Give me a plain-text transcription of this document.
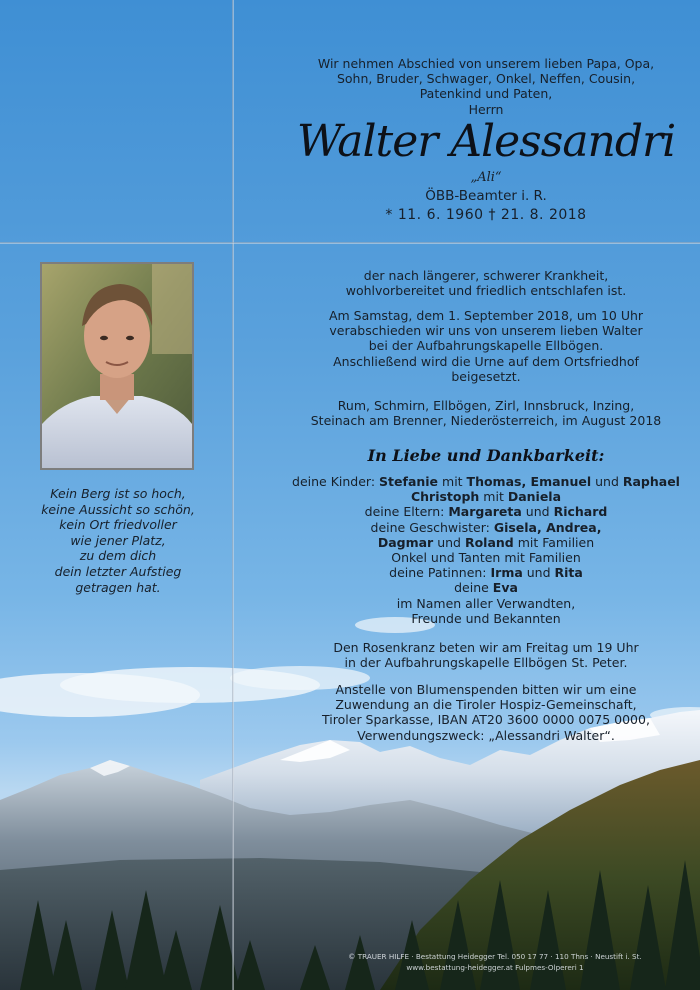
Wir nehmen Abschied von unserem lieben Papa, Opa,

Sohn, Bruder, Schwager, Onkel, Neffen, Cousin,

Patenkind und Paten,

Herrn

Walter Alessandri
„Ali“
ÖBB-Beamter i. R.
* 11. 6. 1960 † 21. 8. 2018

Kein Berg ist so hoch,

keine Aussicht so schön,

kein Ort friedvoller

wie jener Platz,

zu dem dich

dein letzter Aufstieg

getragen hat.

der nach längerer, schwerer Krankheit,

wohlvorbereitet und friedlich entschlafen ist.

Am Samstag, dem 1. September 2018, um 10 Uhr

verabschieden wir uns von unserem lieben Walter

bei der Aufbahrungskapelle Ellbögen.

Anschließend wird die Urne auf dem Ortsfriedhof

beigesetzt.

Rum, Schmirn, Ellbögen, Zirl, Innsbruck, Inzing,

Steinach am Brenner, Niederösterreich, im August 2018

In Liebe und Dankbarkeit:

deine Kinder: Stefanie mit Thomas, Emanuel und Raphael

Christoph mit Daniela

deine Eltern: Margareta und Richard

deine Geschwister: Gisela, Andrea,

Dagmar und Roland mit Familien

Onkel und Tanten mit Familien

deine Patinnen: Irma und Rita

deine Eva

im Namen aller Verwandten,

Freunde und Bekannten

Den Rosenkranz beten wir am Freitag um 19 Uhr

in der Aufbahrungskapelle Ellbögen St. Peter.

Anstelle von Blumenspenden bitten wir um eine

Zuwendung an die Tiroler Hospiz-Gemeinschaft,

Tiroler Sparkasse, IBAN AT20 3600 0000 0075 0000,

Verwendungszweck: „Alessandri Walter“.

© TRAUER HILFE · Bestattung Heidegger Tel. 050 17 77 · 110 Thns · Neustift i. St.

www.bestattung-heidegger.at Fulpmes-Olpereri 1
